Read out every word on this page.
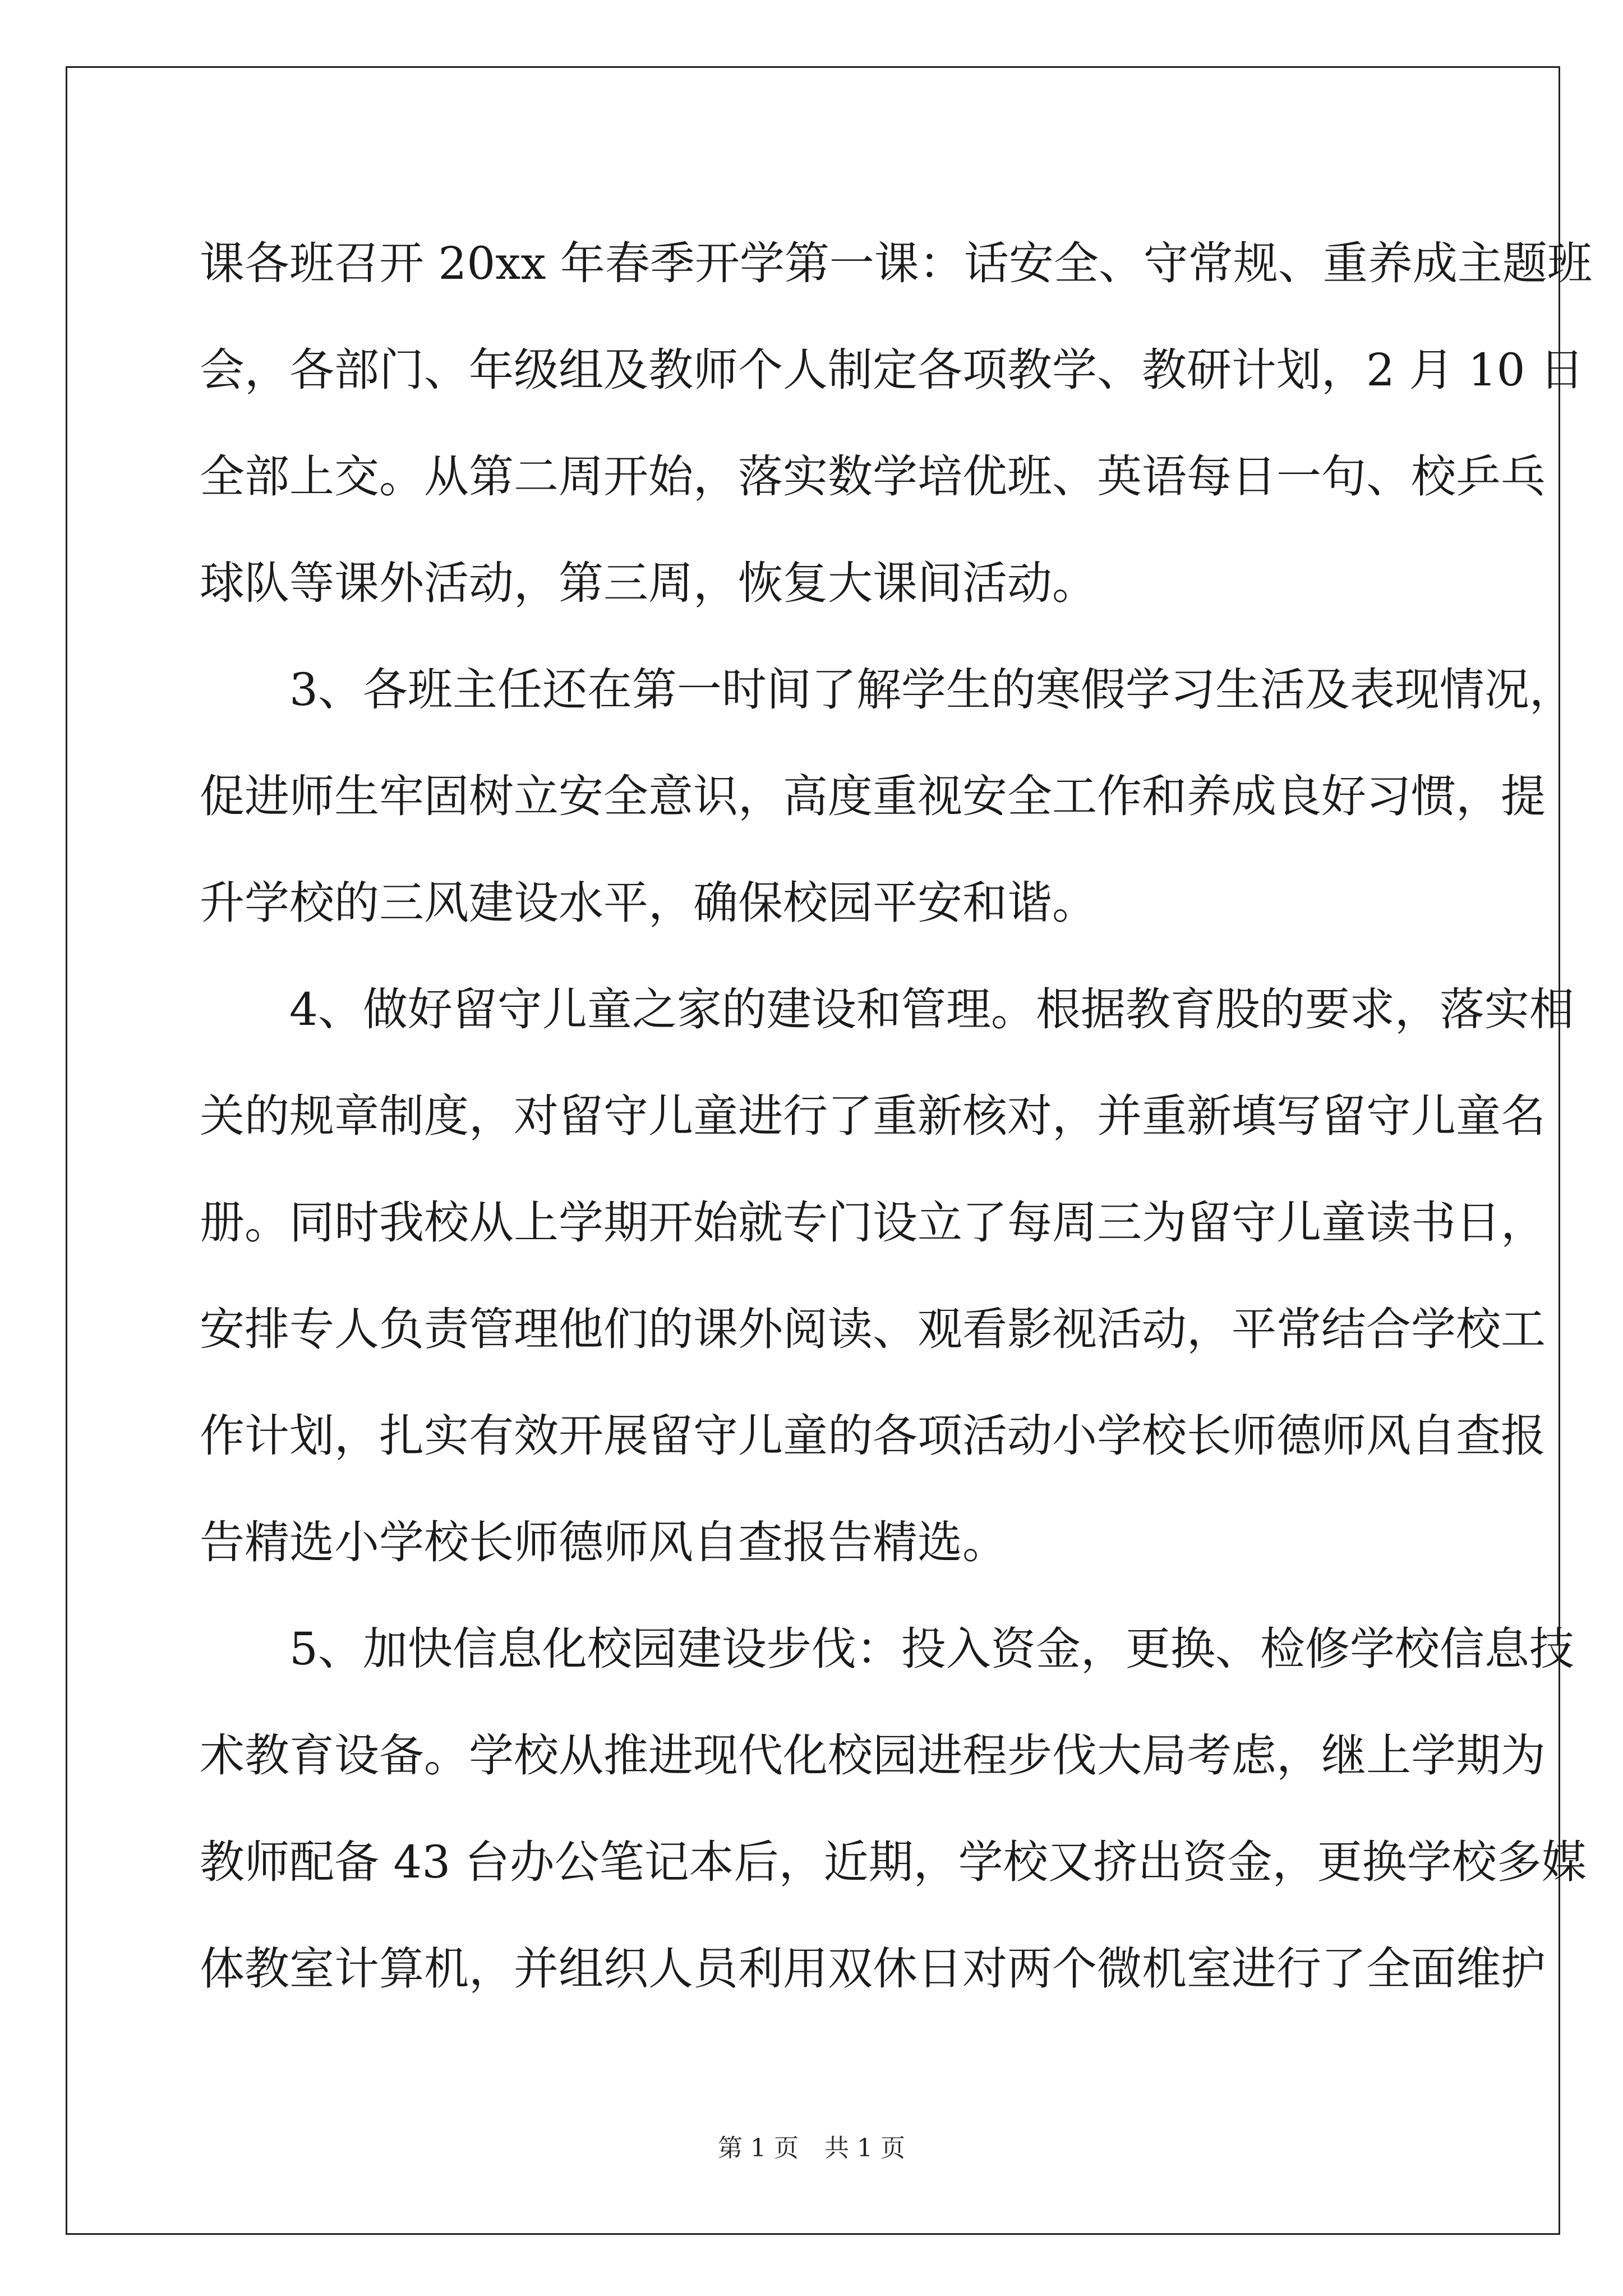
课各班召开 20xx 年春季开学第一课：话安全、守常规、重养成主题班
会，各部门、年级组及教师个人制定各项教学、教研计划，2 月 10 日
全部上交。从第二周开始，落实数学培优班、英语每日一句、校乒乓
球队等课外活动，第三周，恢复大课间活动。
3、各班主任还在第一时间了解学生的寒假学习生活及表现情况，
促进师生牢固树立安全意识，高度重视安全工作和养成良好习惯，提
升学校的三风建设水平，确保校园平安和谐。
4、做好留守儿童之家的建设和管理。根据教育股的要求，落实相
关的规章制度，对留守儿童进行了重新核对，并重新填写留守儿童名
册。同时我校从上学期开始就专门设立了每周三为留守儿童读书日，
安排专人负责管理他们的课外阅读、观看影视活动，平常结合学校工
作计划，扎实有效开展留守儿童的各项活动小学校长师德师风自查报
告精选小学校长师德师风自查报告精选。
5、加快信息化校园建设步伐：投入资金，更换、检修学校信息技
术教育设备。学校从推进现代化校园进程步伐大局考虑，继上学期为
教师配备 43 台办公笔记本后，近期，学校又挤出资金，更换学校多媒
体教室计算机，并组织人员利用双休日对两个微机室进行了全面维护
第 1 页 共 1 页
